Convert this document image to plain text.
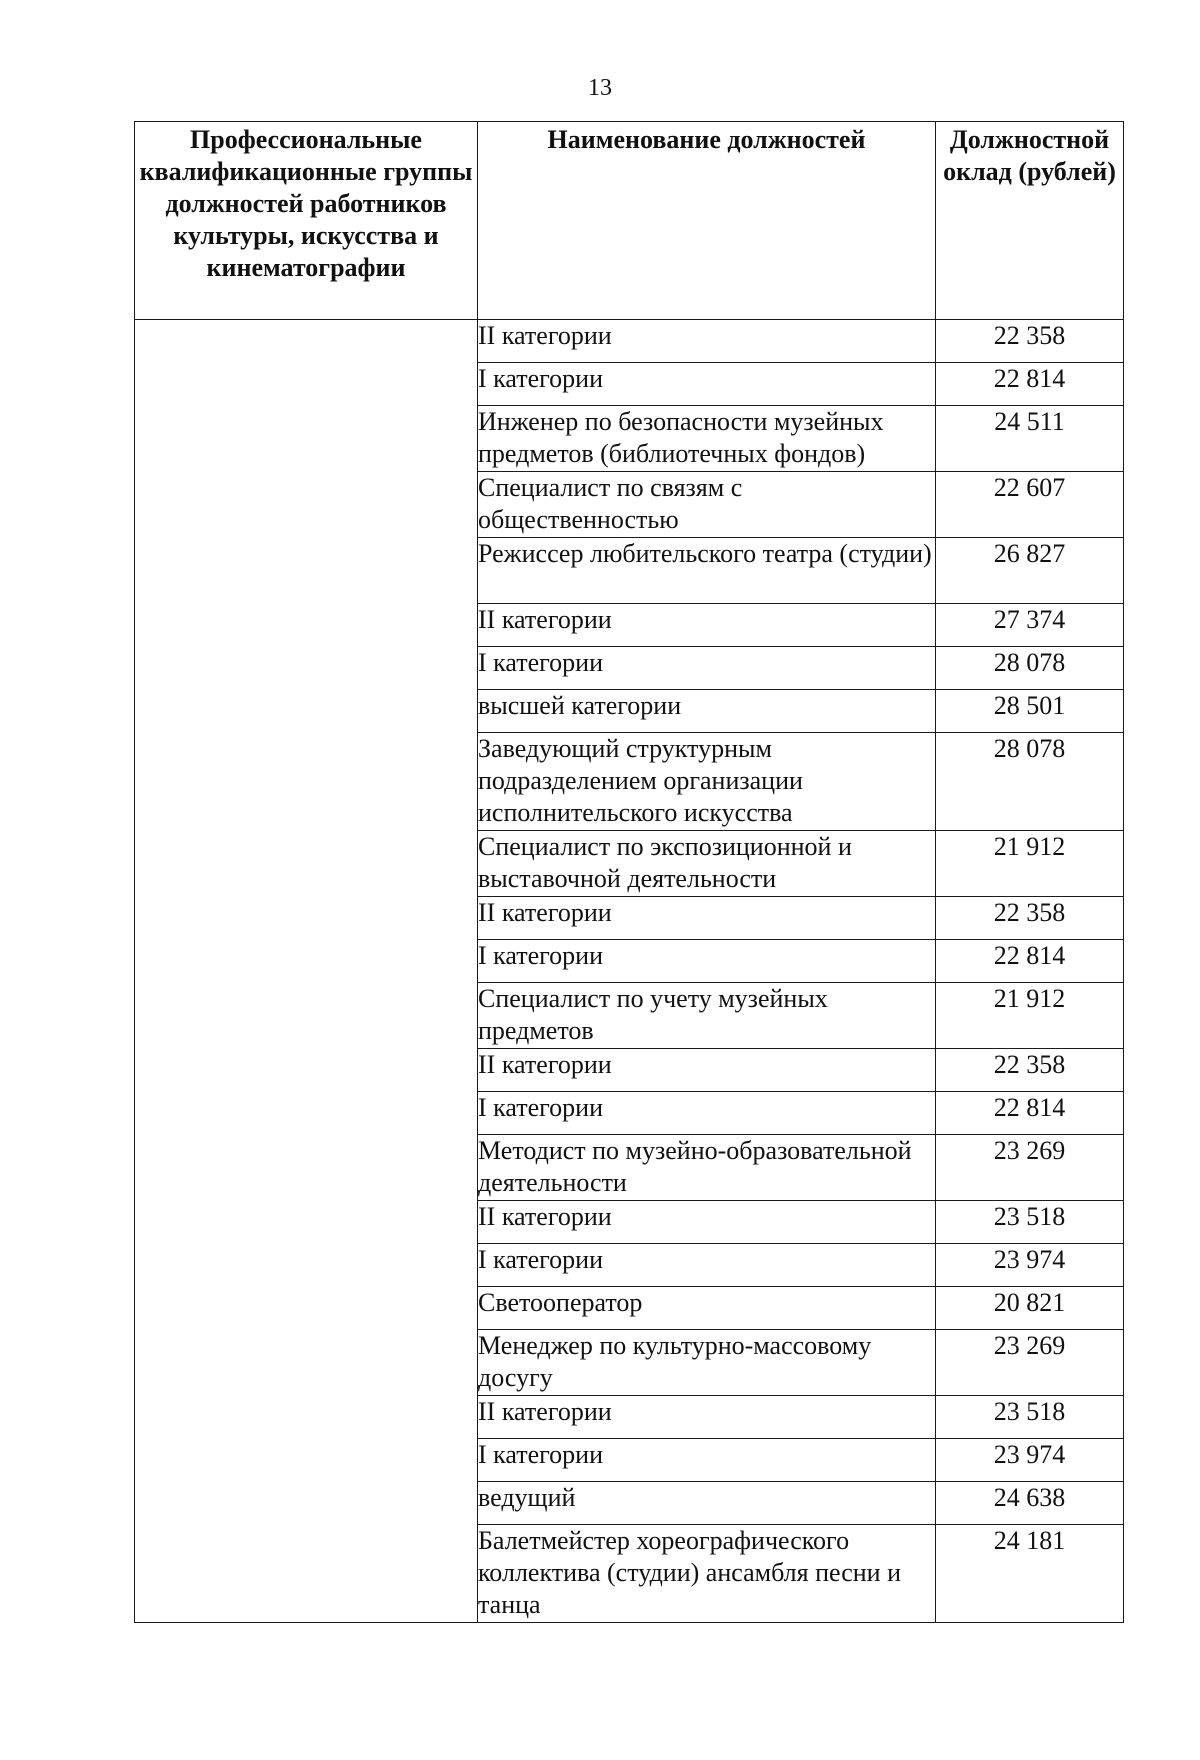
13
Профессиональные квалификационные группы должностей работников культуры, искусства и кинематографии	Наименование должностей	Должностной оклад (рублей)
	II категории	22 358
	I категории	22 814
	Инженер по безопасности музейных предметов (библиотечных фондов)	24 511
	Специалист по связям с общественностью	22 607
	Режиссер любительского театра (студии)	26 827
	II категории	27 374
	I категории	28 078
	высшей категории	28 501
	Заведующий структурным подразделением организации исполнительского искусства	28 078
	Специалист по экспозиционной и выставочной деятельности	21 912
	II категории	22 358
	I категории	22 814
	Специалист по учету музейных предметов	21 912
	II категории	22 358
	I категории	22 814
	Методист по музейно-образовательной деятельности	23 269
	II категории	23 518
	I категории	23 974
	Светооператор	20 821
	Менеджер по культурно-массовому досугу	23 269
	II категории	23 518
	I категории	23 974
	ведущий	24 638
	Балетмейстер хореографического коллектива (студии) ансамбля песни и танца	24 181
